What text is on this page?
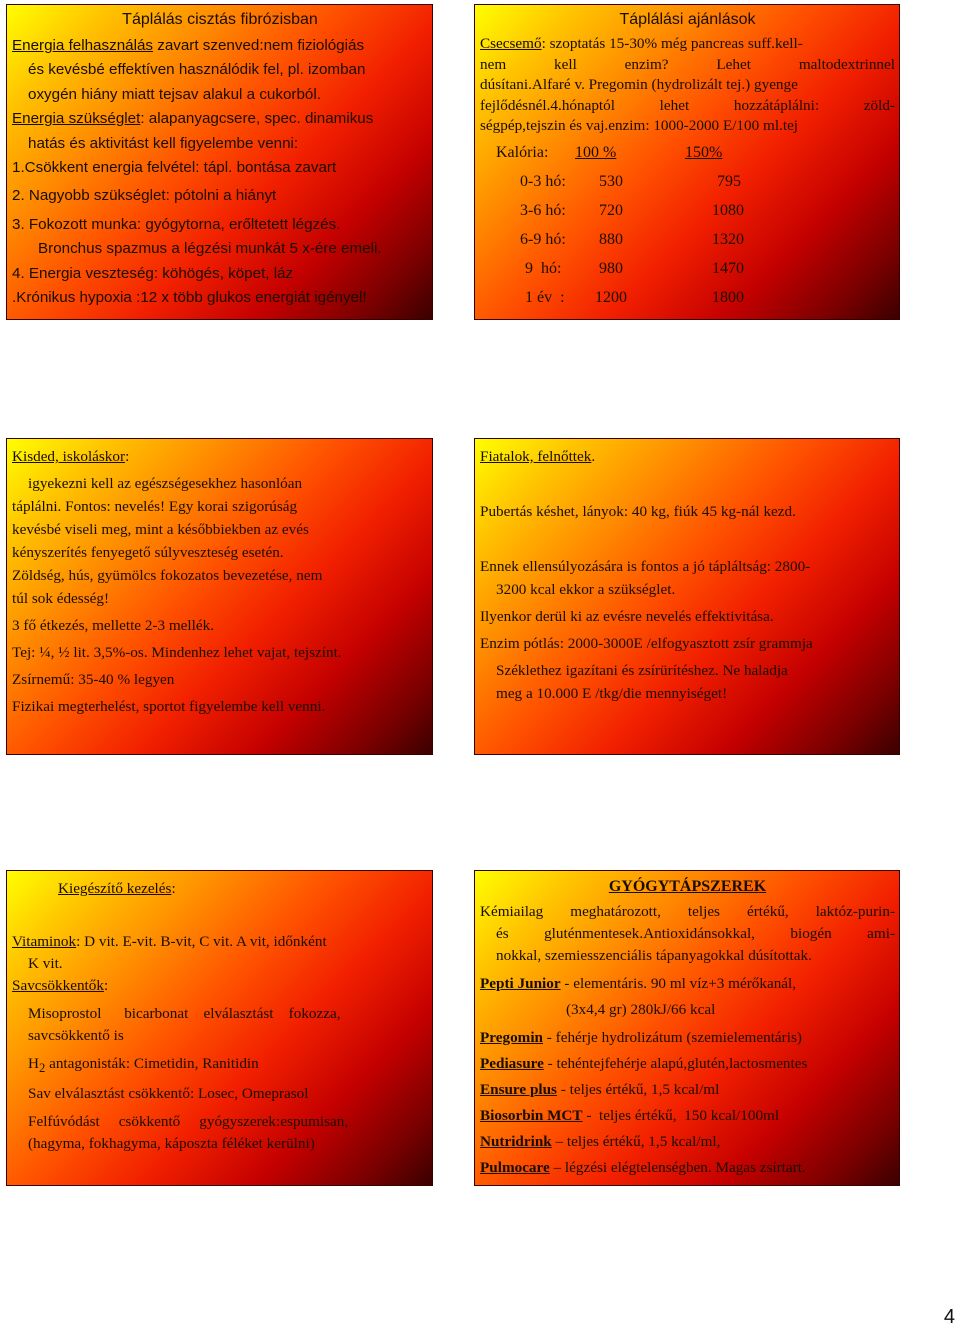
Táplálás cisztás fibrózisban

Energia felhasználás zavart szenved:nem fiziológiás

és kevésbé effektíven használódik fel, pl. izomban

oxygén hiány miatt tejsav alakul a cukorból.

Energia szükséglet: alapanyagcsere, spec. dinamikus

hatás és aktivitást kell figyelembe venni:

1.Csökkent energia felvétel: tápl. bontása zavart

2. Nagyobb szükséglet: pótolni a hiányt

3. Fokozott munka: gyógytorna, erőltetett légzés.

Bronchus spazmus a légzési munkát 5 x-ére emeli.

4. Energia veszteség: köhögés, köpet, láz

.Krónikus hypoxia :12 x több glukos energiát igényel!

Táplálási ajánlások

Csecsemő: szoptatás 15-30% még pancreas suff.kell-

nem kell enzim? Lehet maltodextrinnel

dúsítani.Alfaré v. Pregomin (hydrolizált tej.) gyenge

fejlődésnél.4.hónaptól lehet hozzátáplálni: zöld-

ségpép,tejszin és vaj.enzim: 1000-2000 E/100 ml.tej

Kalória:	100 %	150%
0-3 hó:	530	795
3-6 hó:	720	1080
6-9 hó:	880	1320
9  hó:	980	1470
1 év  :	1200	1800

Kisded, iskoláskor:

igyekezni kell az egészségesekhez hasonlóan

táplálni. Fontos: nevelés! Egy korai szigorúság

kevésbé viseli meg, mint a későbbiekben az evés

kényszerítés fenyegető súlyveszteség esetén.

Zöldség, hús, gyümölcs fokozatos bevezetése, nem

túl sok édesség!

3 fő étkezés, mellette 2-3 mellék.

Tej: ¼, ½ lit. 3,5%-os. Mindenhez lehet vajat, tejszínt.

Zsírnemű: 35-40 % legyen

Fizikai megterhelést, sportot figyelembe kell venni.

Fiatalok, felnőttek.

Pubertás késhet, lányok: 40 kg, fiúk 45 kg-nál kezd.

Ennek ellensúlyozására is fontos a jó tápláltság: 2800-

3200 kcal ekkor a szükséglet.

Ilyenkor derül ki az evésre nevelés effektivitása.

Enzim pótlás: 2000-3000E /elfogyasztott zsír grammja

Széklethez igazítani és zsírürítéshez. Ne haladja

meg a 10.000 E /tkg/die mennyiséget!

Kiegészítő kezelés:

Vitaminok: D vit. E-vit. B-vit, C vit. A vit, időnként

K vit.

Savcsökkentők:

Misoprostol      bicarbonat    elválasztást    fokozza,

savcsökkentő is

$H_2$ antagonisták: Cimetidin, Ranitidin

Sav elválasztást csökkentő: Losec, Omeprasol

Felfúvódást     csökkentő     gyógyszerek:espumisan,

(hagyma, fokhagyma, káposzta féléket kerülni)

GYÓGYTÁPSZEREK

Kémiailag meghatározott, teljes értékű, laktóz-purin-

és gluténmentesek.Antioxidánsokkal, biogén ami-

nokkal, szemiesszenciális tápanyagokkal dúsítottak.

Pepti Junior - elementáris. 90 ml víz+3 mérőkanál,

(3x4,4 gr) 280kJ/66 kcal

Pregomin - fehérje hydrolizátum (szemielementáris)

Pediasure - tehéntejfehérje alapú,glutén,lactosmentes

Ensure plus - teljes értékű, 1,5 kcal/ml

Biosorbin MCT -  teljes értékű,  150 kcal/100ml

Nutridrink – teljes értékű, 1,5 kcal/ml,

Pulmocare – légzési elégtelenségben. Magas zsírtart.

4
